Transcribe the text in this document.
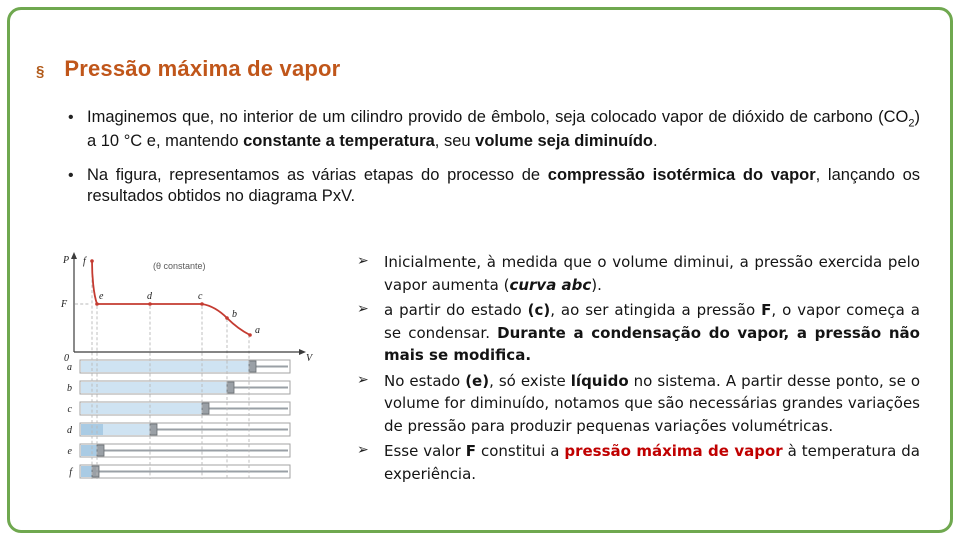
§ Pressão máxima de vapor
• Imaginemos que, no interior de um cilindro provido de êmbolo, seja colocado vapor de dióxido de carbono $(CO_2)$ a 10 °C e, mantendo constante a temperatura, seu volume seja diminuído.

• Na figura, representamos as várias etapas do processo de compressão isotérmica do vapor, lançando os resultados obtidos no diagrama PxV.

a
b
c
d
e
f
P
V
0
F
(θ constante)
f
e	d	c
b
a
➢	Inicialmente, à medida que o volume diminui, a pressão exercida pelo vapor aumenta (curva abc).

➢	a partir do estado (c), ao ser atingida a pressão F, o vapor começa a se condensar. Durante a condensação do vapor, a pressão não mais se modifica.

➢	No estado (e), só existe líquido no sistema. A partir desse ponto, se o volume for diminuído, notamos que são necessárias grandes variações de pressão para produzir pequenas variações volumétricas.

➢	Esse valor F constitui a pressão máxima de vapor à temperatura da experiência.
